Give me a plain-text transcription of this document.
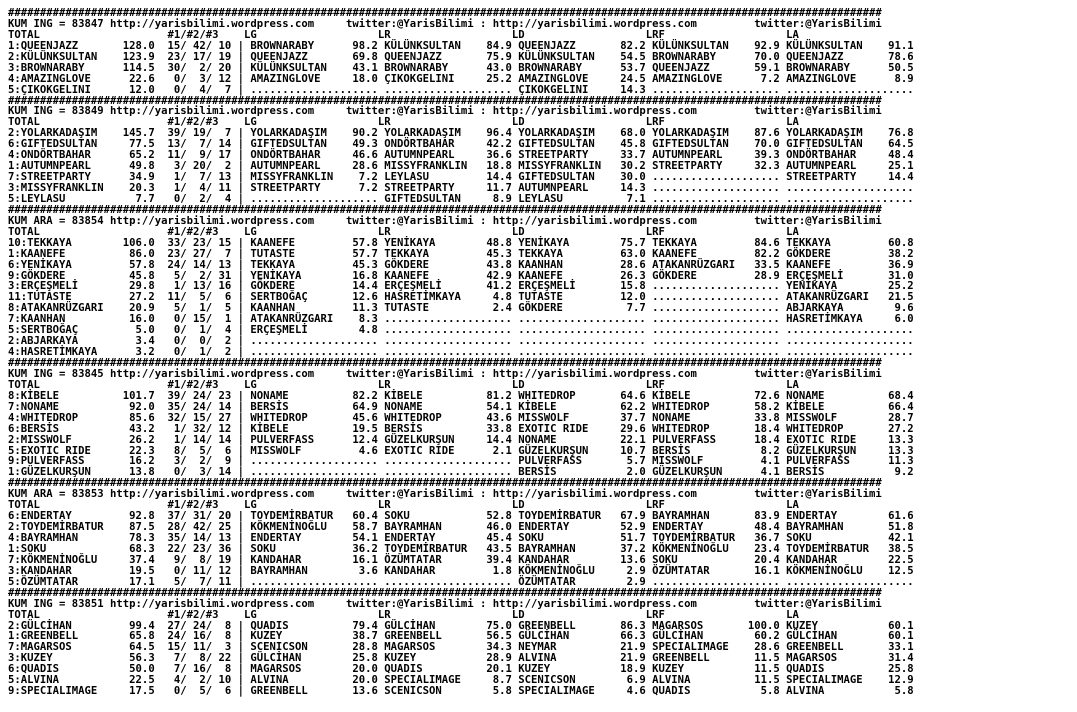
#########################################################################################################################################
KUM ING = 83847 http://yarisbilimi.wordpress.com     twitter:@YarisBilimi : http://yarisbilimi.wordpress.com         twitter:@YarisBilimi
TOTAL                    #1/#2/#3    LG                   LR                   LD                   LRF                   LA
1:QUEENJAZZ       128.0  15/ 42/ 10 | BROWNARABY      98.2 KÜLÜNKSULTAN    84.9 QUEENJAZZ       82.2 KÜLÜNKSULTAN    92.9 KÜLÜNKSULTAN    91.1
2:KÜLÜNKSULTAN    123.9  23/ 17/ 19 | QUEENJAZZ       69.8 QUEENJAZZ       75.9 KÜLÜNKSULTAN    54.5 BROWNARABY      70.0 QUEENJAZZ       78.6
3:BROWNARABY      114.5  30/  2/ 20 | KÜLÜNKSULTAN    43.1 BROWNARABY      43.0 BROWNARABY      53.7 QUEENJAZZ       59.1 BROWNARABY      50.5
4:AMAZINGLOVE      22.6   0/  3/ 12 | AMAZINGLOVE     18.0 ÇIKOKGELINI     25.2 AMAZINGLOVE     24.5 AMAZINGLOVE      7.2 AMAZINGLOVE      8.9
5:ÇIKOKGELINI      12.0   0/  4/  7 | .................... .................... ÇIKOKGELINI     14.3 .................... ....................
#########################################################################################################################################
KUM ING = 83849 http://yarisbilimi.wordpress.com     twitter:@YarisBilimi : http://yarisbilimi.wordpress.com         twitter:@YarisBilimi
TOTAL                    #1/#2/#3    LG                   LR                   LD                   LRF                   LA
2:YOLARKADAŞIM    145.7  39/ 19/  7 | YOLARKADAŞIM    90.2 YOLARKADAŞIM    96.4 YOLARKADAŞIM    68.0 YOLARKADAŞIM    87.6 YOLARKADAŞIM    76.8
6:GIFTEDSULTAN     77.5  13/  7/ 14 | GIFTEDSULTAN    49.3 ONDÖRTBAHAR     42.2 GIFTEDSULTAN    45.8 GIFTEDSULTAN    70.0 GIFTEDSULTAN    64.5
4:ONDÖRTBAHAR      65.2  11/  9/ 17 | ONDÖRTBAHAR     46.6 AUTUMNPEARL     36.6 STREETPARTY     33.7 AUTUMNPEARL     39.3 ONDÖRTBAHAR     48.4
1:AUTUMNPEARL      49.8   3/ 20/  2 | AUTUMNPEARL     28.6 MISSYFRANKLIN   18.8 MISSYFRANKLIN   30.2 STREETPARTY     32.3 AUTUMNPEARL     25.1
7:STREETPARTY      34.9   1/  7/ 13 | MISSYFRANKLIN    7.2 LEYLASU         14.4 GIFTEDSULTAN    30.0 .................... STREETPARTY     14.4
3:MISSYFRANKLIN    20.3   1/  4/ 11 | STREETPARTY      7.2 STREETPARTY     11.7 AUTUMNPEARL     14.3 .................... ....................
5:LEYLASU           7.7   0/  2/  4 | .................... GIFTEDSULTAN     8.9 LEYLASU          7.1 .................... ....................
#########################################################################################################################################
KUM ARA = 83854 http://yarisbilimi.wordpress.com     twitter:@YarisBilimi : http://yarisbilimi.wordpress.com         twitter:@YarisBilimi
TOTAL                    #1/#2/#3    LG                   LR                   LD                   LRF                   LA
10:TEKKAYA        106.0  33/ 23/ 15 | KAANEFE         57.8 YENİKAYA        48.8 YENİKAYA        75.7 TEKKAYA         84.6 TEKKAYA         60.8
1:KAANEFE          86.0  23/ 27/  7 | TUTASTE         57.7 TEKKAYA         45.3 TEKKAYA         63.0 KAANEFE         82.2 GÖKDERE         38.2
6:YENİKAYA         57.8  24/ 14/ 13 | TEKKAYA         45.3 GÖKDERE         43.8 KAANHAN         28.6 ATAKANRÜZGARI   33.5 KAANEFE         36.9
9:GÖKDERE          45.8   5/  2/ 31 | YENİKAYA        16.8 KAANEFE         42.9 KAANEFE         26.3 GÖKDERE         28.9 ERÇEŞMELİ       31.0
3:ERÇEŞMELİ        29.8   1/ 13/ 16 | GÖKDERE         14.4 ERÇEŞMELİ       41.2 ERÇEŞMELİ       15.8 .................... YENİKAYA        25.2
11:TUTASTE         27.2  11/  5/  6 | SERTBOĞAÇ       12.6 HASRETİMKAYA     4.8 TUTASTE         12.0 .................... ATAKANRÜZGARI   21.5
8:ATAKANRÜZGARI    20.9   5/  1/  5 | KAANHAN         11.3 TUTASTE          2.4 GÖKDERE          7.7 .................... ABJARKAYA        9.6
7:KAANHAN          16.0   0/ 15/  1 | ATAKANRÜZGARI    8.3 .................... .................... .................... HASRETİMKAYA     6.0
5:SERTBOĞAÇ         5.0   0/  1/  4 | ERÇEŞMELİ        4.8 .................... .................... .................... ....................
2:ABJARKAYA         3.4   0/  0/  2 | .................... .................... .................... .................... ....................
4:HASRETİMKAYA      3.2   0/  1/  2 | .................... .................... .................... .................... ....................
#########################################################################################################################################
KUM ING = 83845 http://yarisbilimi.wordpress.com     twitter:@YarisBilimi : http://yarisbilimi.wordpress.com         twitter:@YarisBilimi
TOTAL                    #1/#2/#3    LG                   LR                   LD                   LRF                   LA
8:KİBELE          101.7  39/ 24/ 23 | NONAME          82.2 KİBELE          81.2 WHITEDROP       64.6 KİBELE          72.6 NONAME          68.4
7:NONAME           92.0  35/ 24/ 14 | BERSİS          64.9 NONAME          54.1 KİBELE          62.2 WHITEDROP       58.2 KİBELE          66.4
4:WHITEDROP        85.6  32/ 15/ 27 | WHITEDROP       45.6 WHITEDROP       43.6 MISSWOLF        37.7 NONAME          33.8 MISSWOLF        28.7
6:BERSİS           43.2   1/ 32/ 12 | KİBELE          19.5 BERSİS          33.8 EXOTIC RIDE     29.6 WHITEDROP       18.4 WHITEDROP       27.2
2:MISSWOLF         26.2   1/ 14/ 14 | PULVERFASS      12.4 GÜZELKURŞUN     14.4 NONAME          22.1 PULVERFASS      18.4 EXOTIC RIDE     13.3
5:EXOTIC RIDE      22.3   8/  5/  6 | MISSWOLF         4.6 EXOTIC RIDE      2.1 GÜZELKURŞUN     10.7 BERSİS           8.2 GÜZELKURŞUN     13.3
9:PULVERFASS       16.2   3/  2/  9 | .................... .................... PULVERFASS       5.7 MISSWOLF         4.1 PULVERFASS      11.3
1:GÜZELKURŞUN      13.8   0/  3/ 14 | .................... .................... BERSİS           2.0 GÜZELKURŞUN      4.1 BERSİS           9.2
#########################################################################################################################################
KUM ARA = 83853 http://yarisbilimi.wordpress.com     twitter:@YarisBilimi : http://yarisbilimi.wordpress.com         twitter:@YarisBilimi
TOTAL                    #1/#2/#3    LG                   LR                   LD                   LRF                   LA
6:ENDERTAY         92.8  37/ 31/ 20 | TOYDEMİRBATUR   60.4 SOKU            52.8 TOYDEMİRBATUR   67.9 BAYRAMHAN       83.9 ENDERTAY        61.6
2:TOYDEMİRBATUR    87.5  28/ 42/ 25 | KÖKMENİNOĞLU    58.7 BAYRAMHAN       46.0 ENDERTAY        52.9 ENDERTAY        48.4 BAYRAMHAN       51.8
4:BAYRAMHAN        78.3  35/ 14/ 13 | ENDERTAY        54.1 ENDERTAY        45.4 SOKU            51.7 TOYDEMİRBATUR   36.7 SOKU            42.1
1:SOKU             68.3  22/ 23/ 36 | SOKU            36.2 TOYDEMİRBATUR   43.5 BAYRAMHAN       37.2 KÖKMENİNOĞLU    23.4 TOYDEMİRBATUR   38.5
7:KÖKMENİNOĞLU     37.4   9/  8/ 19 | KANDAHAR        16.1 ÖZÜMTATAR       39.4 KANDAHAR        13.6 SOKU            20.4 KANDAHAR        22.5
3:KANDAHAR         19.5   0/ 11/ 12 | BAYRAMHAN        3.6 KANDAHAR         1.8 KÖKMENİNOĞLU     2.9 ÖZÜMTATAR       16.1 KÖKMENİNOĞLU    12.5
5:ÖZÜMTATAR        17.1   5/  7/ 11 | .................... .................... ÖZÜMTATAR        2.9 .................... ....................
#########################################################################################################################################
KUM ING = 83851 http://yarisbilimi.wordpress.com     twitter:@YarisBilimi : http://yarisbilimi.wordpress.com         twitter:@YarisBilimi
TOTAL                    #1/#2/#3    LG                   LR                   LD                   LRF                   LA
2:GÜLCİHAN         99.4  27/ 24/  8 | QUADIS          79.4 GÜLCİHAN        75.0 GREENBELL       86.3 MAGARSOS       100.0 KUZEY           60.1
1:GREENBELL        65.8  24/ 16/  8 | KUZEY           38.7 GREENBELL       56.5 GÜLCİHAN        66.3 GÜLCİHAN        60.2 GÜLCİHAN        60.1
7:MAGARSOS         64.5  15/ 11/  3 | SCENICSON       28.8 MAGARSOS        34.3 NEYMAR          21.9 SPECIALIMAGE    28.6 GREENBELL       33.1
3:KUZEY            56.3   7/  8/ 22 | GÜLCİHAN        25.8 KUZEY           28.9 ALVINA          21.9 GREENBELL       11.5 MAGARSOS        31.4
6:QUADIS           50.0   7/ 16/  8 | MAGARSOS        20.0 QUADIS          20.1 KUZEY           18.9 KUZEY           11.5 QUADIS          25.8
5:ALVINA           22.5   4/  2/ 10 | ALVINA          20.0 SPECIALIMAGE     8.7 SCENICSON        6.9 ALVINA          11.5 SPECIALIMAGE    12.9
9:SPECIALIMAGE     17.5   0/  5/  6 | GREENBELL       13.6 SCENICSON        5.8 SPECIALIMAGE     4.6 QUADIS           5.8 ALVINA           5.8
